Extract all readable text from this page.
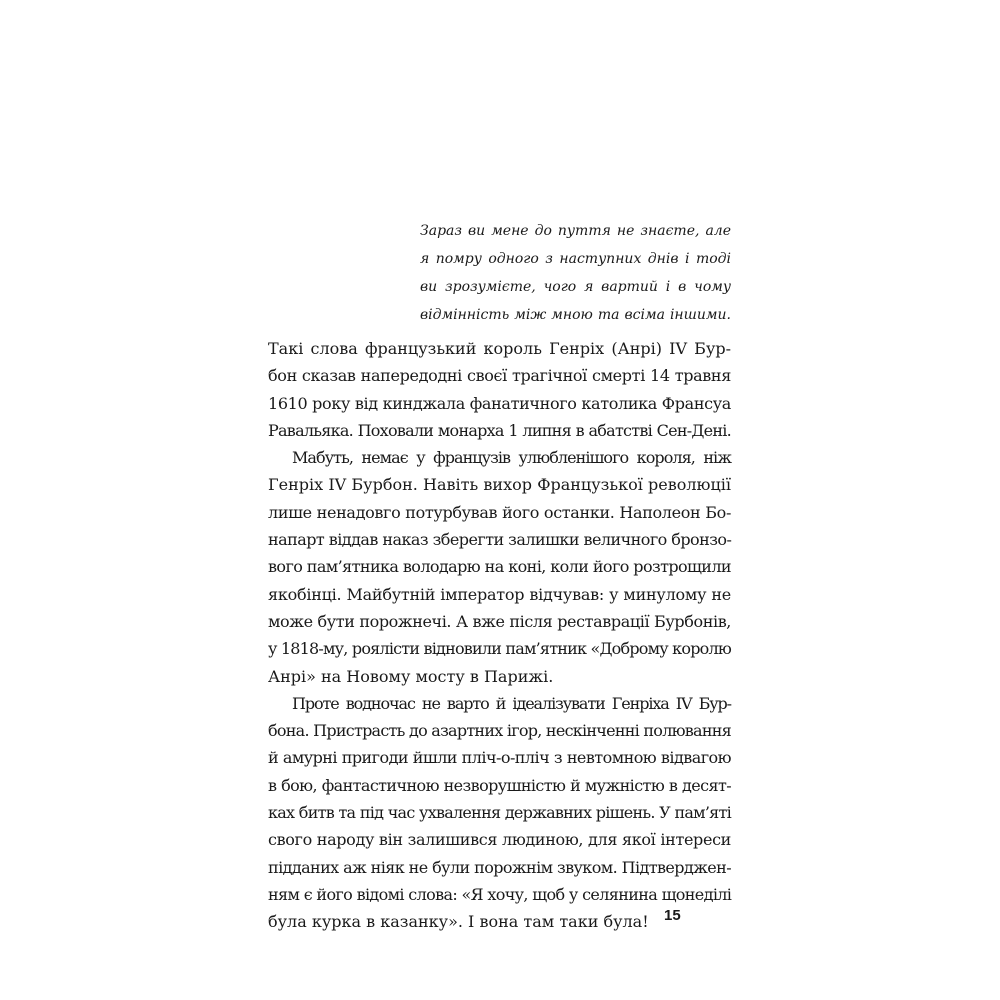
Зараз ви мене до пуття не знаєте, але
я помру одного з наступних днів і тоді
ви зрозумієте, чого я вартий і в чому
відмінність між мною та всіма іншими.
Такі слова французький король Генріх (Анрі) IV Бур-
бон сказав напередодні своєї трагічної смерті 14 травня
1610 року від кинджала фанатичного католика Франсуа
Равальяка. Поховали монарха 1 липня в абатстві Сен-Дені.
Мабуть, немає у французів улюбленішого короля, ніж
Генріх IV Бурбон. Навіть вихор Французької революції
лише ненадовго потурбував його останки. Наполеон Бо-
напарт віддав наказ зберегти залишки величного бронзо-
вого пам’ятника володарю на коні, коли його розтрощили
якобінці. Майбутній імператор відчував: у минулому не
може бути порожнечі. А вже після реставрації Бурбонів,
у 1818-му, роялісти відновили пам’ятник «Доброму королю
Анрі» на Новому мосту в Парижі.
Проте водночас не варто й ідеалізувати Генріха IV Бур-
бона. Пристрасть до азартних ігор, нескінченні полювання
й амурні пригоди йшли пліч-о-пліч з невтомною відвагою
в бою, фантастичною незворушністю й мужністю в десят-
ках битв та під час ухвалення державних рішень. У пам’яті
свого народу він залишився людиною, для якої інтереси
підданих аж ніяк не були порожнім звуком. Підтверджен-
ням є його відомі слова: «Я хочу, щоб у селянина щонеділі
була курка в казанку». І вона там таки була!	15
